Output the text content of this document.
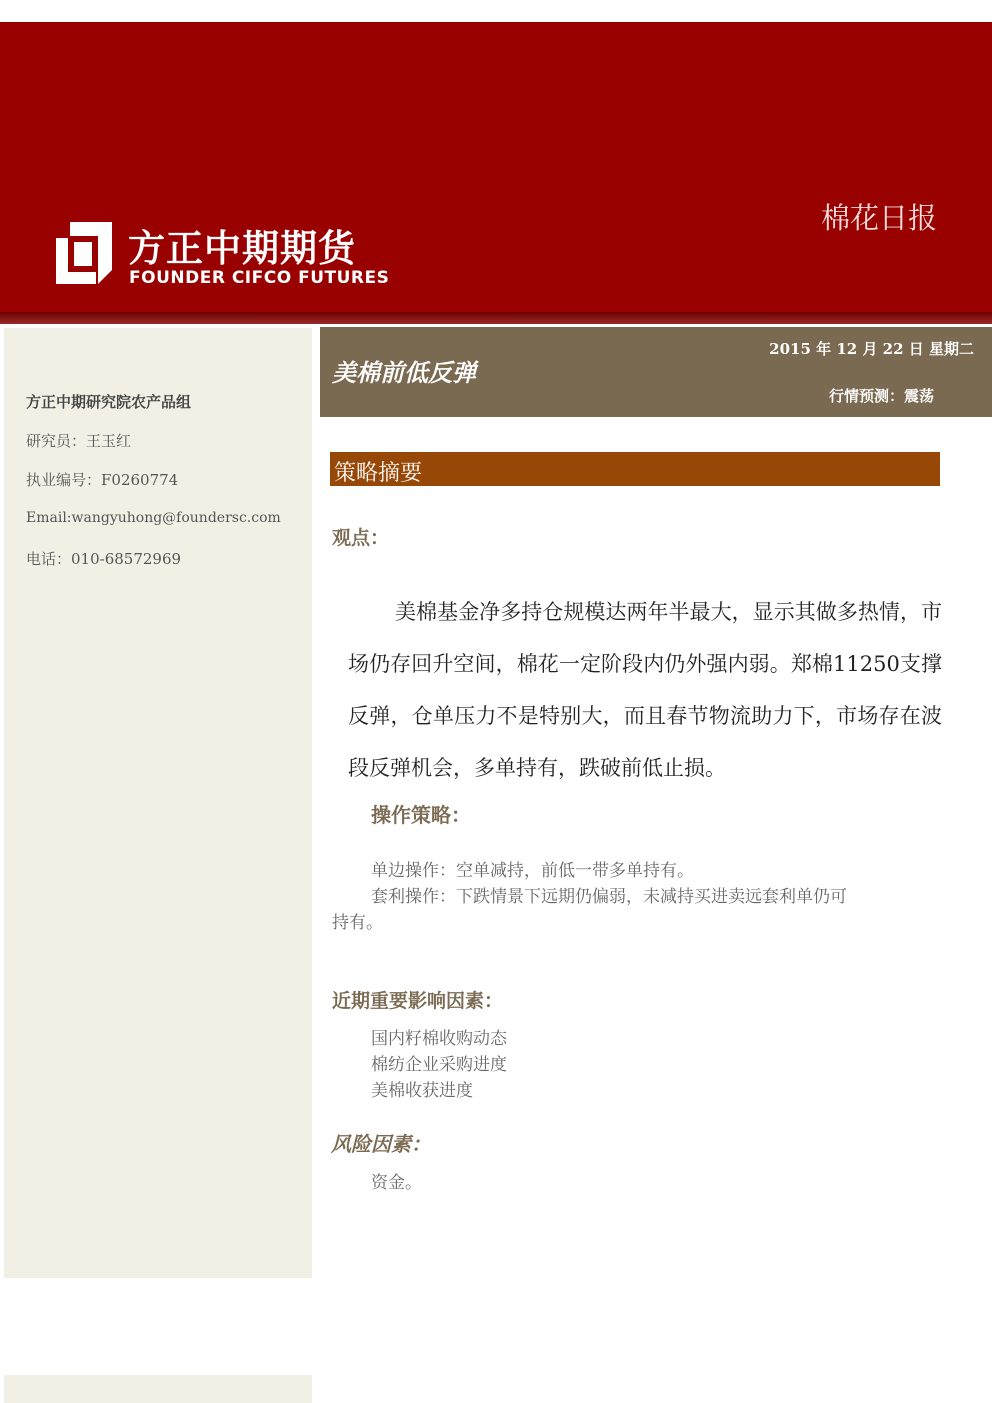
方正中期期货
FOUNDER CIFCO FUTURES
棉花日报
方正中期研究院农产品组
研究员：王玉红
执业编号：F0260774
Email:wangyuhong@foundersc.com
电话：010-68572969
美棉前低反弹
2015 年 12 月 22 日 星期二
行情预测：震荡
策略摘要
观点：
美棉基金净多持仓规模达两年半最大，显示其做多热情，市场仍存回升空间，棉花一定阶段内仍外强内弱。郑棉11250支撑反弹，仓单压力不是特别大，而且春节物流助力下，市场存在波段反弹机会，多单持有，跌破前低止损。
操作策略：
单边操作：空单减持，前低一带多单持有。
套利操作：下跌情景下远期仍偏弱，未减持买进卖远套利单仍可
持有。
近期重要影响因素：
国内籽棉收购动态
棉纺企业采购进度
美棉收获进度
风险因素：
资金。
